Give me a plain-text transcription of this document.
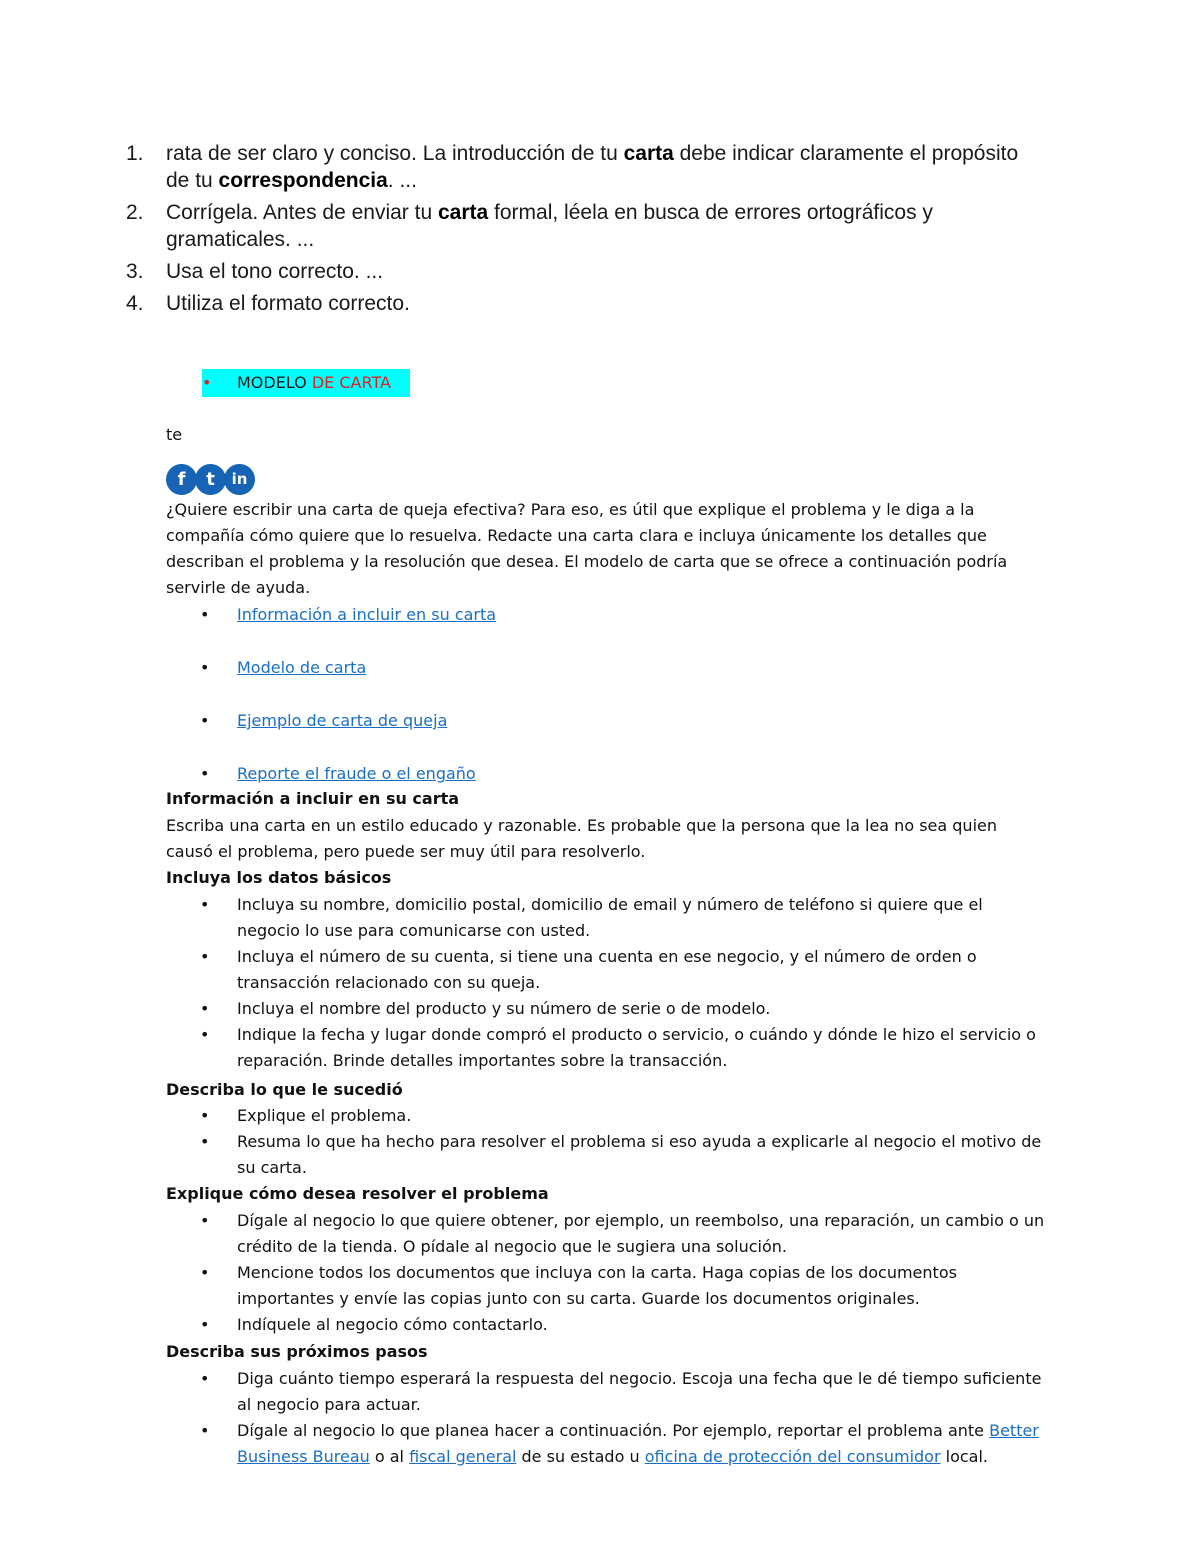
1.	rata de ser claro y conciso. La introducción de tu carta debe indicar claramente el propósito de tu correspondencia. ...
2.	Corrígela. Antes de enviar tu carta formal, léela en busca de errores ortográficos y gramaticales. ...
3.	Usa el tono correcto. ...
4.	Utiliza el formato correcto.
• MODELO DE CARTA
te
f	t	in
¿Quiere escribir una carta de queja efectiva? Para eso, es útil que explique el problema y le diga a la compañía cómo quiere que lo resuelva. Redacte una carta clara e incluya únicamente los detalles que describan el problema y la resolución que desea. El modelo de carta que se ofrece a continuación podría servirle de ayuda.
• Información a incluir en su carta
• Modelo de carta
• Ejemplo de carta de queja
• Reporte el fraude o el engaño
Información a incluir en su carta
Escriba una carta en un estilo educado y razonable. Es probable que la persona que la lea no sea quien causó el problema, pero puede ser muy útil para resolverlo.
Incluya los datos básicos
• Incluya su nombre, domicilio postal, domicilio de email y número de teléfono si quiere que el negocio lo use para comunicarse con usted.
• Incluya el número de su cuenta, si tiene una cuenta en ese negocio, y el número de orden o transacción relacionado con su queja.
• Incluya el nombre del producto y su número de serie o de modelo.
• Indique la fecha y lugar donde compró el producto o servicio, o cuándo y dónde le hizo el servicio o reparación. Brinde detalles importantes sobre la transacción.
Describa lo que le sucedió
• Explique el problema.
• Resuma lo que ha hecho para resolver el problema si eso ayuda a explicarle al negocio el motivo de su carta.
Explique cómo desea resolver el problema
• Dígale al negocio lo que quiere obtener, por ejemplo, un reembolso, una reparación, un cambio o un crédito de la tienda. O pídale al negocio que le sugiera una solución.
• Mencione todos los documentos que incluya con la carta. Haga copias de los documentos importantes y envíe las copias junto con su carta. Guarde los documentos originales.
• Indíquele al negocio cómo contactarlo.
Describa sus próximos pasos
• Diga cuánto tiempo esperará la respuesta del negocio. Escoja una fecha que le dé tiempo suficiente al negocio para actuar.
• Dígale al negocio lo que planea hacer a continuación. Por ejemplo, reportar el problema ante Better Business Bureau o al fiscal general de su estado u oficina de protección del consumidor local.
